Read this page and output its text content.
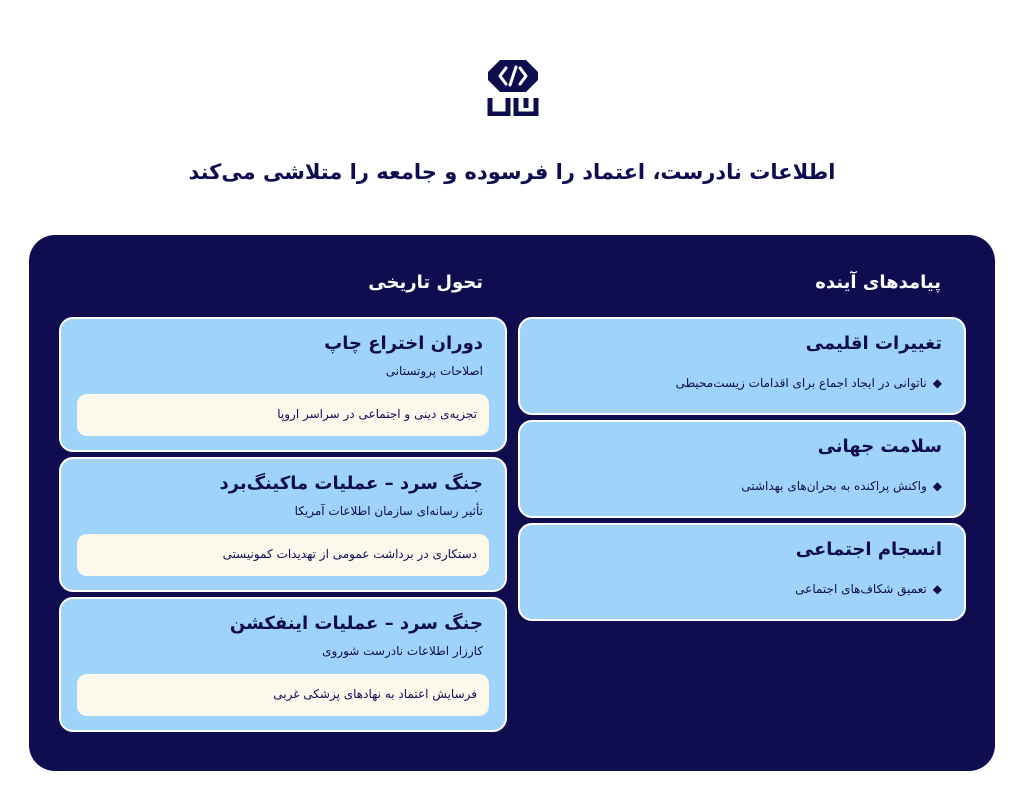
اطلاعات نادرست، اعتماد را فرسوده و جامعه را متلاشی می‌کند
پیامدهای آینده
تحول تاریخی
تغییرات اقلیمی
◆ناتوانی در ایجاد اجماع برای اقدامات زیست‌محیطی
سلامت جهانی
◆واکنش پراکنده به بحران‌های بهداشتی
انسجام اجتماعی
◆تعمیق شکاف‌های اجتماعی
دوران اختراع چاپ
اصلاحات پروتستانی
تجزیه‌ی دینی و اجتماعی در سراسر اروپا
جنگ سرد – عملیات ماکینگ‌برد
تأثیر رسانه‌ای سازمان اطلاعات آمریکا
دستکاری در برداشت عمومی از تهدیدات کمونیستی
جنگ سرد – عملیات اینفکشن
کارزار اطلاعات نادرست شوروی
فرسایش اعتماد به نهادهای پزشکی غربی
